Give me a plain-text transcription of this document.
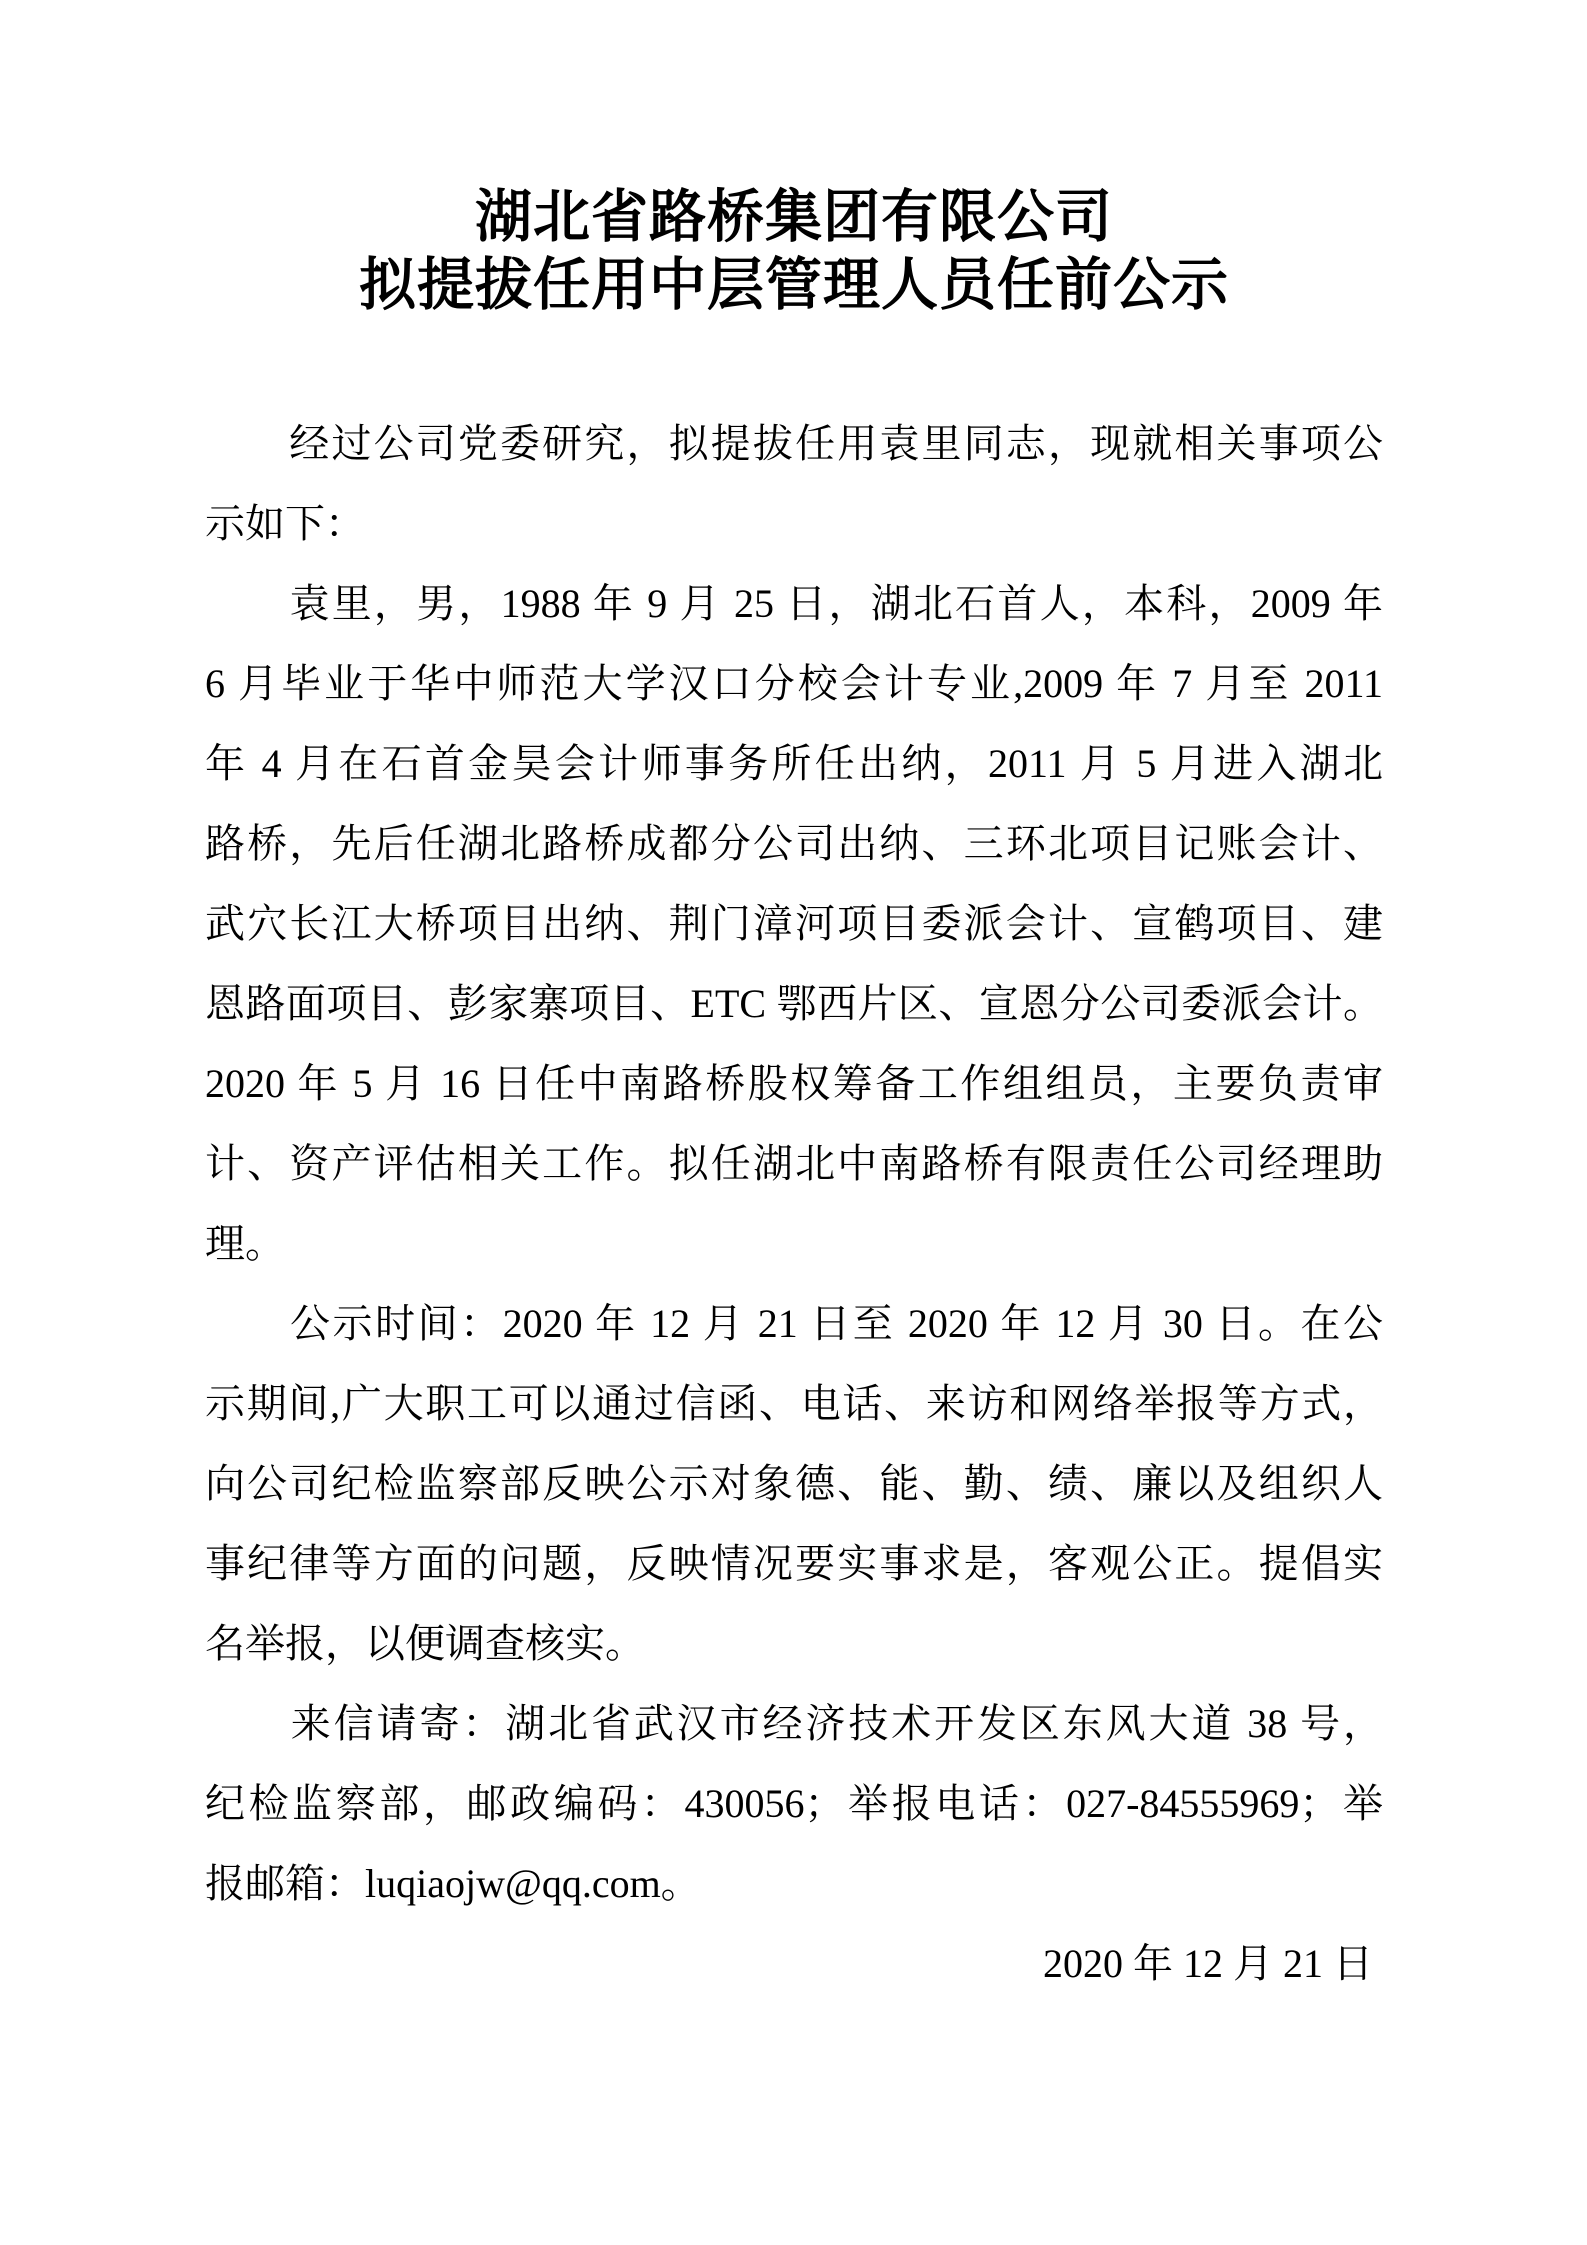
湖北省路桥集团有限公司
拟提拔任用中层管理人员任前公示
　　经过公司党委研究，拟提拔任用袁里同志，现就相关事项公
示如下：
　　袁里，男，1988 年 9 月 25 日，湖北石首人，本科，2009 年
6 月毕业于华中师范大学汉口分校会计专业,2009 年 7 月至 2011
年 4 月在石首金昊会计师事务所任出纳，2011 月 5 月进入湖北
路桥，先后任湖北路桥成都分公司出纳、三环北项目记账会计、
武穴长江大桥项目出纳、荆门漳河项目委派会计、宣鹤项目、建
恩路面项目、彭家寨项目、ETC 鄂西片区、宣恩分公司委派会计。
2020 年 5 月 16 日任中南路桥股权筹备工作组组员，主要负责审
计、资产评估相关工作。拟任湖北中南路桥有限责任公司经理助
理。
　　公示时间：2020 年 12 月 21 日至 2020 年 12 月 30 日。在公
示期间,广大职工可以通过信函、电话、来访和网络举报等方式，
向公司纪检监察部反映公示对象德、能、勤、绩、廉以及组织人
事纪律等方面的问题，反映情况要实事求是，客观公正。提倡实
名举报，以便调查核实。
　　来信请寄：湖北省武汉市经济技术开发区东风大道 38 号，
纪检监察部，邮政编码：430056；举报电话：027-84555969；举
报邮箱：luqiaojw@qq.com。
2020 年 12 月 21 日
